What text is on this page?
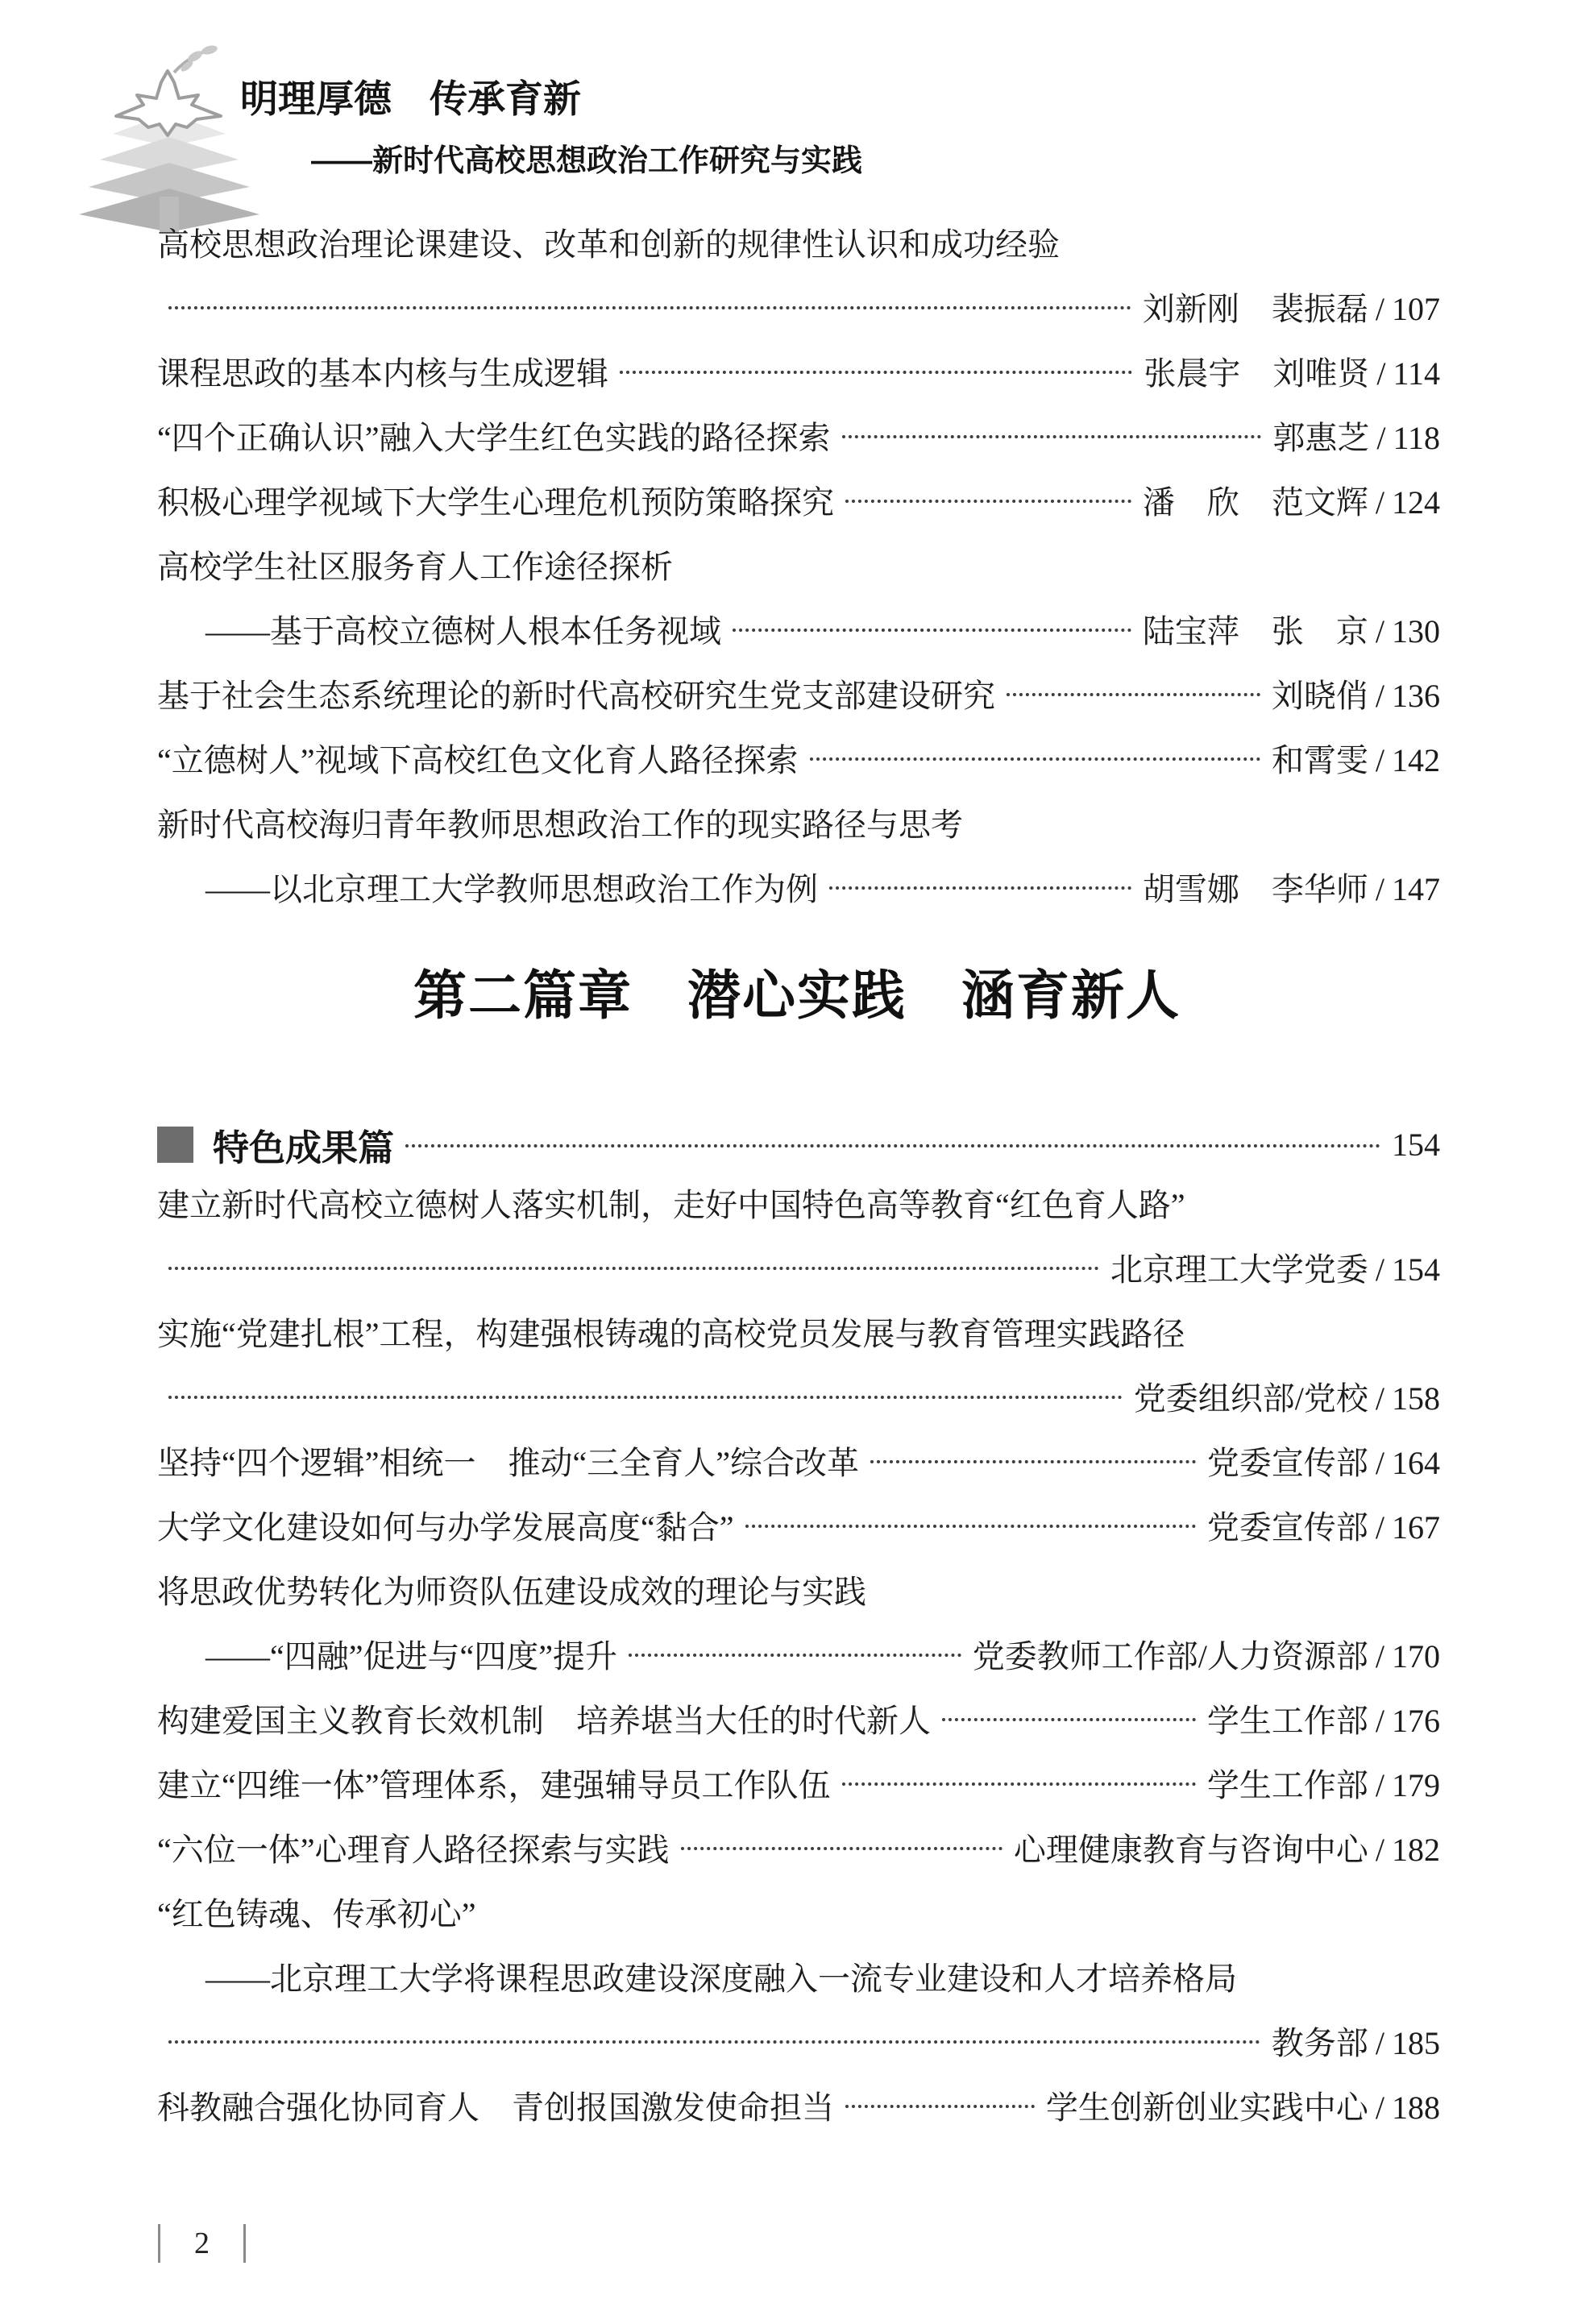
明理厚德　传承育新
——新时代高校思想政治工作研究与实践
高校思想政治理论课建设、改革和创新的规律性认识和成功经验
刘新刚　裴振磊 / 107
课程思政的基本内核与生成逻辑	张晨宇　刘唯贤 / 114
“四个正确认识”融入大学生红色实践的路径探索	郭惠芝 / 118
积极心理学视域下大学生心理危机预防策略探究	潘　欣　范文辉 / 124
高校学生社区服务育人工作途径探析
——基于高校立德树人根本任务视域	陆宝萍　张　京 / 130
基于社会生态系统理论的新时代高校研究生党支部建设研究	刘晓俏 / 136
“立德树人”视域下高校红色文化育人路径探索	和霄雯 / 142
新时代高校海归青年教师思想政治工作的现实路径与思考
——以北京理工大学教师思想政治工作为例	胡雪娜　李华师 / 147
第二篇章　潜心实践　涵育新人
特色成果篇	154
建立新时代高校立德树人落实机制，走好中国特色高等教育“红色育人路”
北京理工大学党委 / 154
实施“党建扎根”工程，构建强根铸魂的高校党员发展与教育管理实践路径
党委组织部/党校 / 158
坚持“四个逻辑”相统一　推动“三全育人”综合改革	党委宣传部 / 164
大学文化建设如何与办学发展高度“黏合”	党委宣传部 / 167
将思政优势转化为师资队伍建设成效的理论与实践
——“四融”促进与“四度”提升	党委教师工作部/人力资源部 / 170
构建爱国主义教育长效机制　培养堪当大任的时代新人	学生工作部 / 176
建立“四维一体”管理体系，建强辅导员工作队伍	学生工作部 / 179
“六位一体”心理育人路径探索与实践	心理健康教育与咨询中心 / 182
“红色铸魂、传承初心”
——北京理工大学将课程思政建设深度融入一流专业建设和人才培养格局
教务部 / 185
科教融合强化协同育人　青创报国激发使命担当	学生创新创业实践中心 / 188
2
